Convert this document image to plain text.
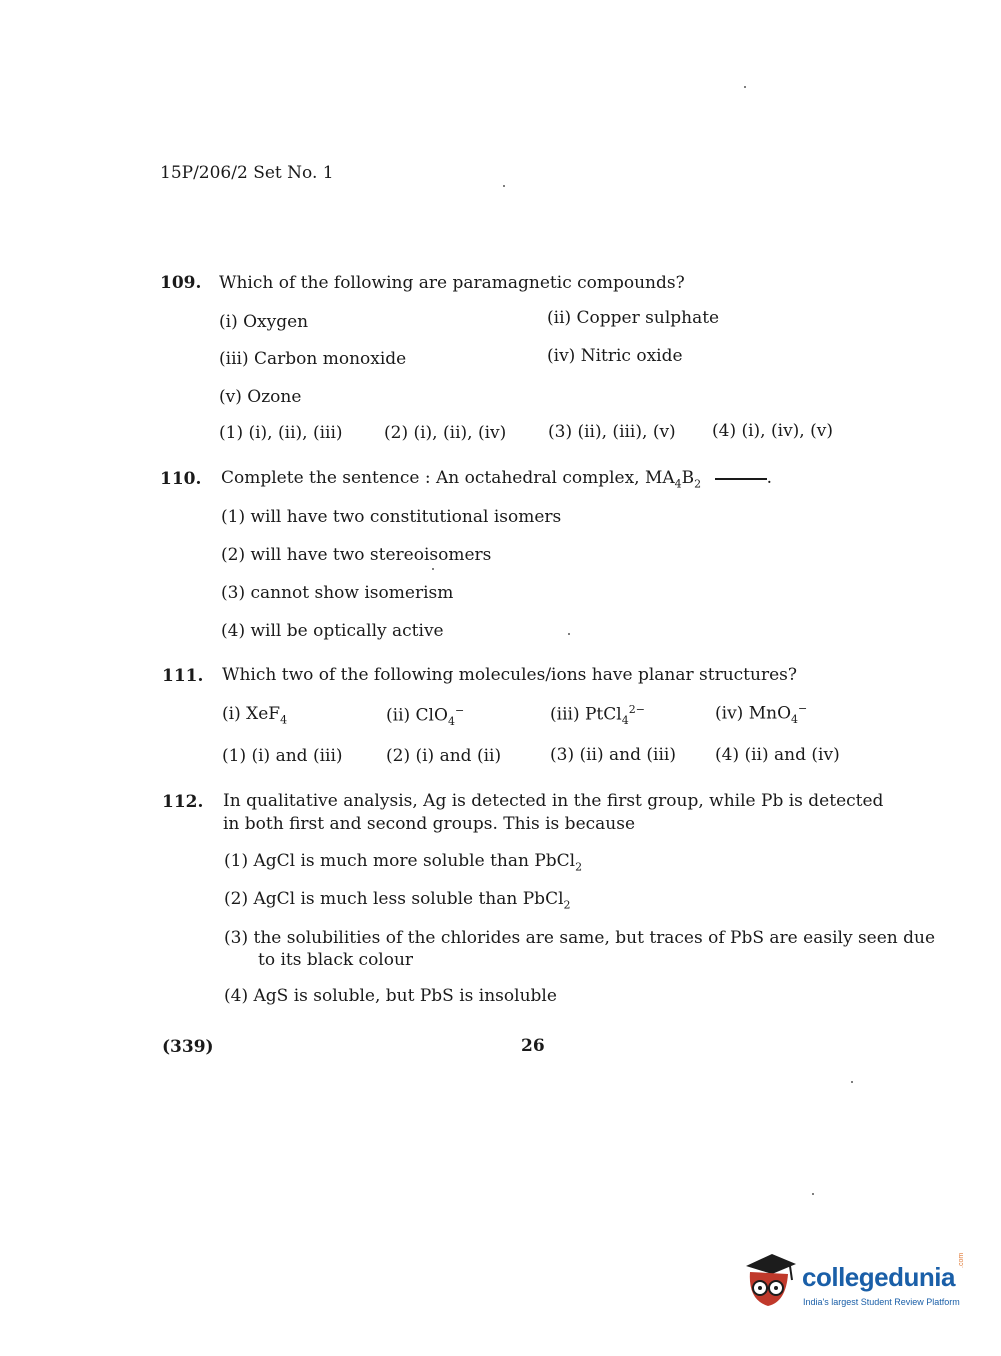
15P/206/2 Set No. 1
109. Which of the following are paramagnetic compounds?
(i) Oxygen	(ii) Copper sulphate
(iii) Carbon monoxide	(iv) Nitric oxide
(v) Ozone
(1) (i), (ii), (iii) (2) (i), (ii), (iv) (3) (ii), (iii), (v) (4) (i), (iv), (v)
110. Complete the sentence : An octahedral complex, $MA_4B_2$	.
(1) will have two constitutional isomers
(2) will have two stereoisomers
(3) cannot show isomerism
(4) will be optically active
111. Which two of the following molecules/ions have planar structures?
(i) XeF$_4$	(ii) ClO$_4$−	(iii) PtCl$_4^{2-}$	(iv) MnO$_4$−
(1) (i) and (iii)	(2) (i) and (ii)	(3) (ii) and (iii) (4) (ii) and (iv)
112. In qualitative analysis, Ag is detected in the first group, while Pb is detected in both first and second groups. This is because
(1) AgCl is much more soluble than PbCl$_2$
(2) AgCl is much less soluble than PbCl$_2$
(3) the solubilities of the chlorides are same, but traces of PbS are easily seen due to its black colour
(4) AgS is soluble, but PbS is insoluble
(339)	26
collegedunia
.com
India's largest Student Review Platform
